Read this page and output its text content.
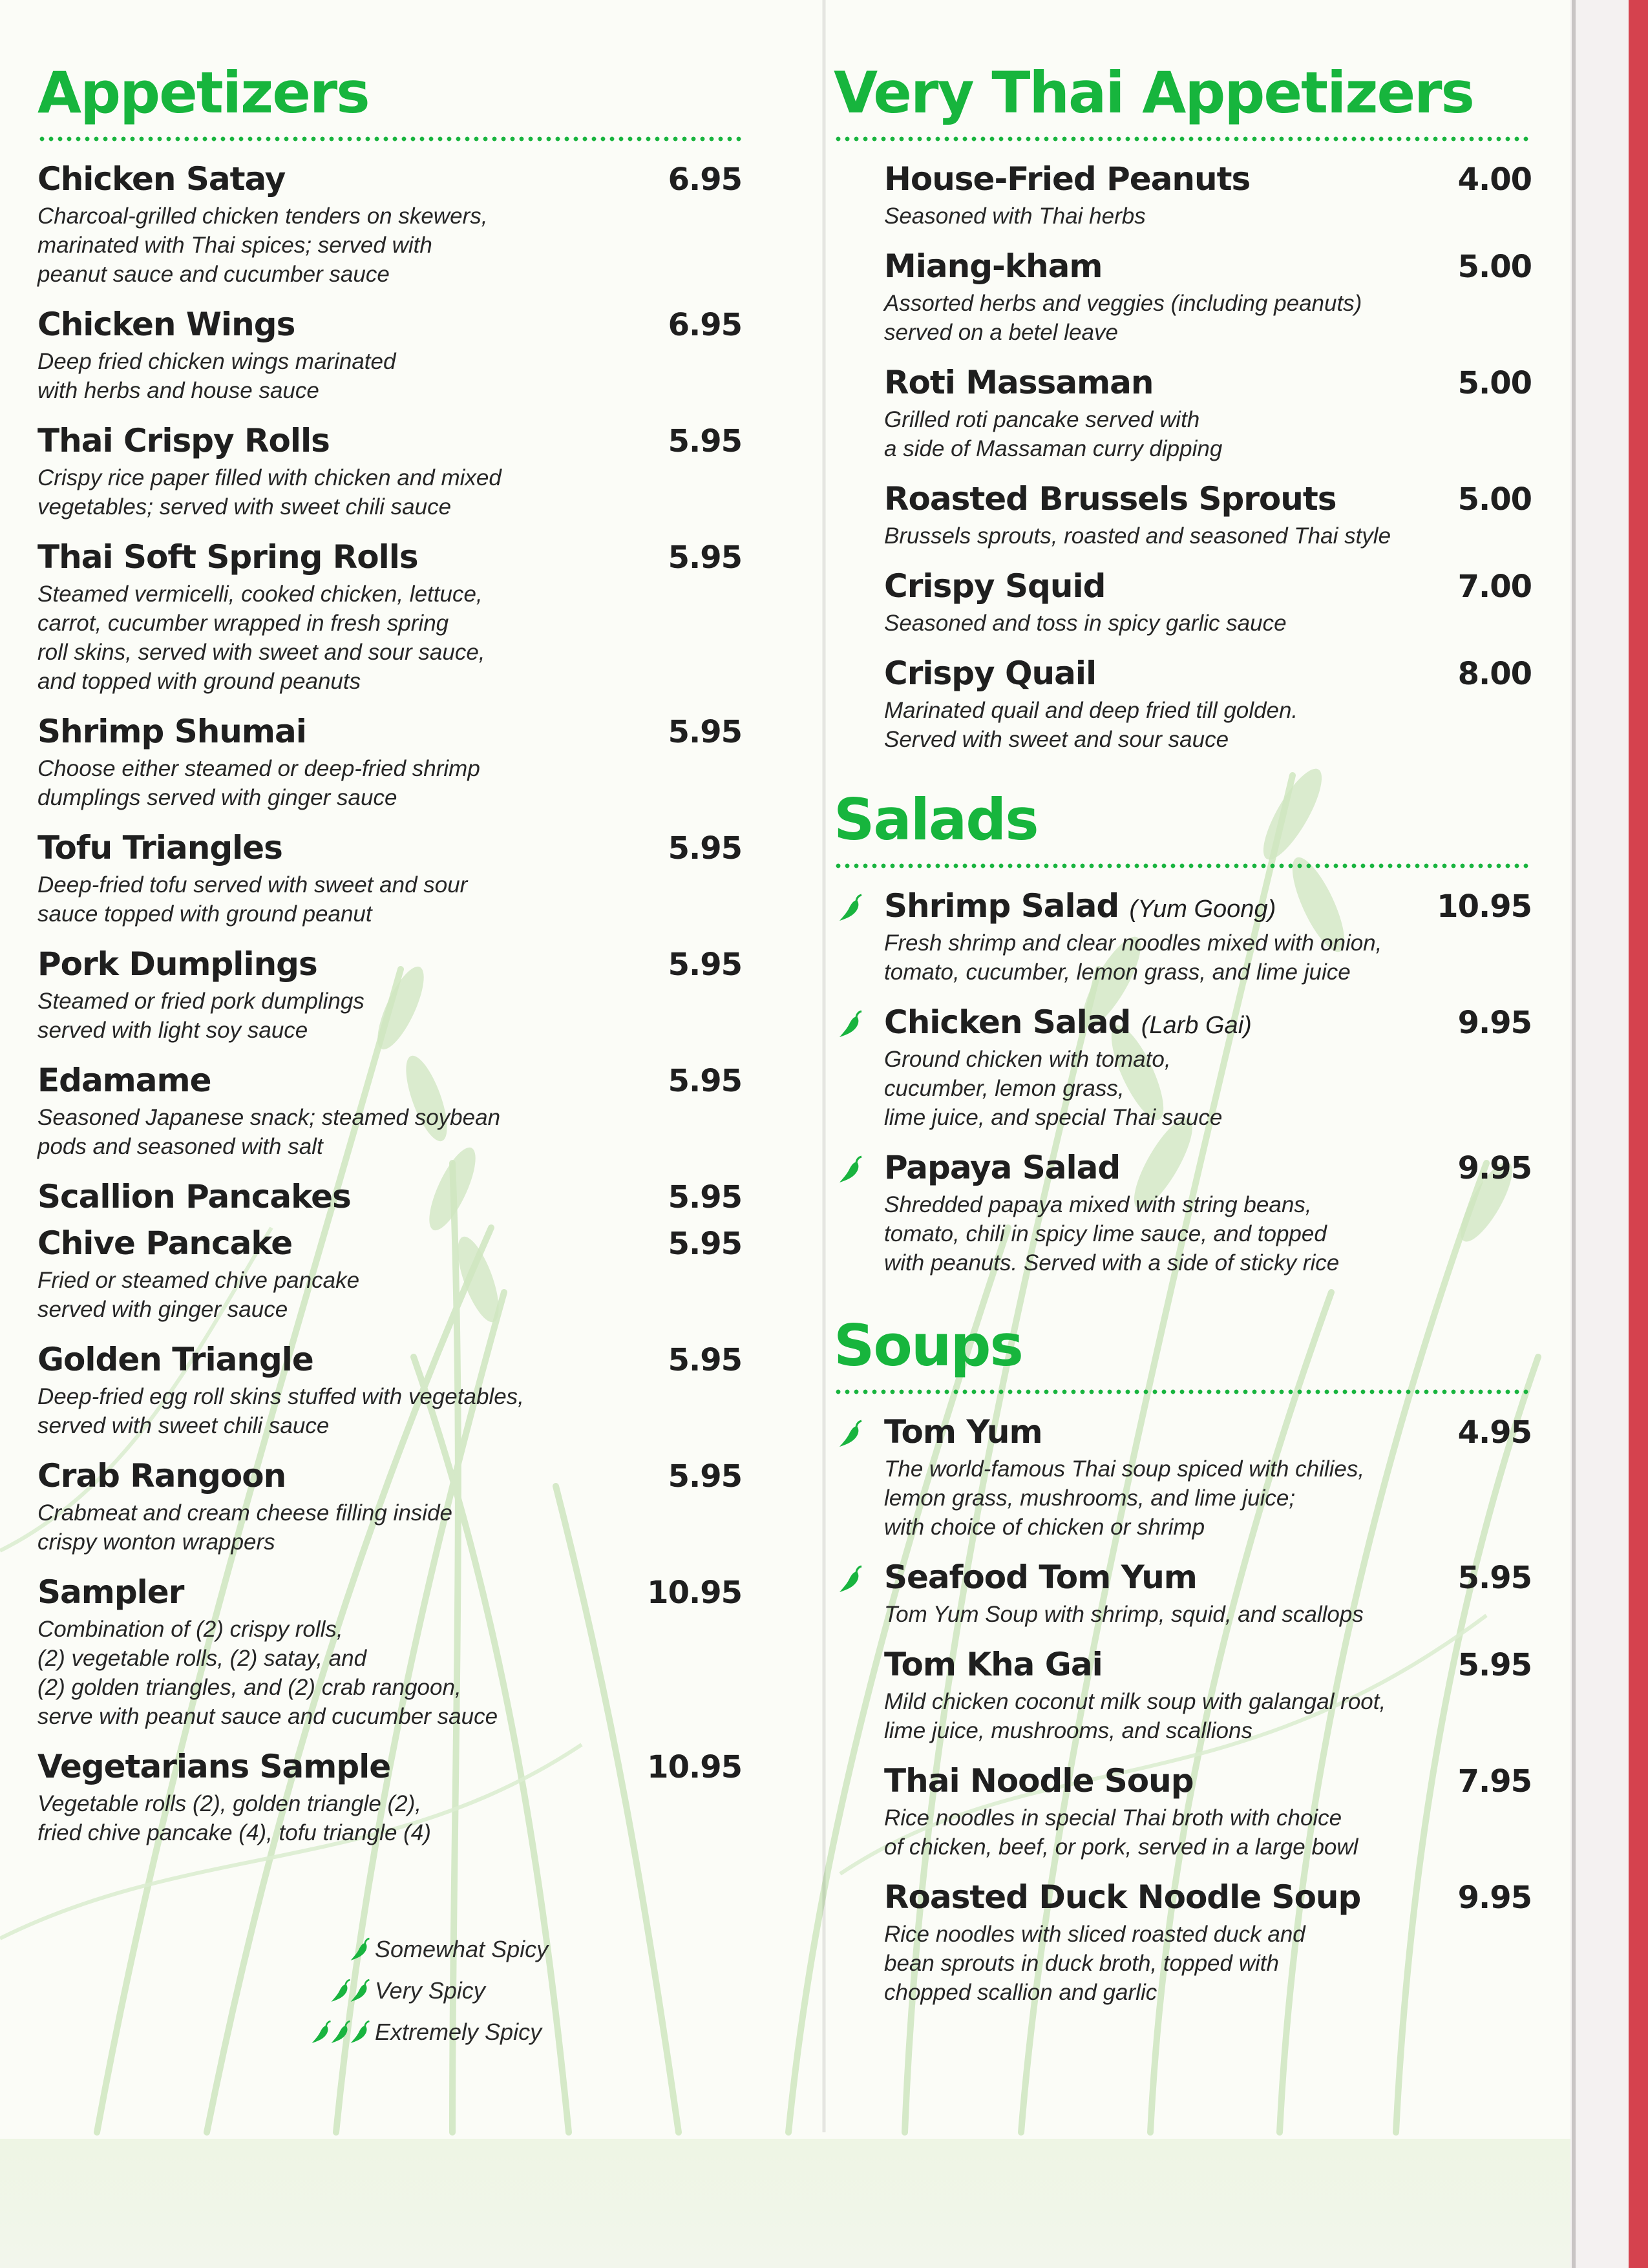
Appetizers
Chicken Satay	6.95
Charcoal-grilled chicken tenders on skewers,
marinated with Thai spices; served with
peanut sauce and cucumber sauce
Chicken Wings	6.95
Deep fried chicken wings marinated
with herbs and house sauce
Thai Crispy Rolls	5.95
Crispy rice paper filled with chicken and mixed
vegetables; served with sweet chili sauce
Thai Soft Spring Rolls	5.95
Steamed vermicelli, cooked chicken, lettuce,
carrot, cucumber wrapped in fresh spring
roll skins, served with sweet and sour sauce,
and topped with ground peanuts
Shrimp Shumai	5.95
Choose either steamed or deep-fried shrimp
dumplings served with ginger sauce
Tofu Triangles	5.95
Deep-fried tofu served with sweet and sour
sauce topped with ground peanut
Pork Dumplings	5.95
Steamed or fried pork dumplings
served with light soy sauce
Edamame	5.95
Seasoned Japanese snack; steamed soybean
pods and seasoned with salt
Scallion Pancakes	5.95
Chive Pancake	5.95
Fried or steamed chive pancake
served with ginger sauce
Golden Triangle	5.95
Deep-fried egg roll skins stuffed with vegetables,
served with sweet chili sauce
Crab Rangoon	5.95
Crabmeat and cream cheese filling inside
crispy wonton wrappers
Sampler	10.95
Combination of (2) crispy rolls,
(2) vegetable rolls, (2) satay, and
(2) golden triangles, and (2) crab rangoon,
serve with peanut sauce and cucumber sauce
Vegetarians Sample	10.95
Vegetable rolls (2), golden triangle (2),
fried chive pancake (4), tofu triangle (4)
Somewhat Spicy
Very Spicy
Extremely Spicy
Very Thai Appetizers
House-Fried Peanuts	4.00
Seasoned with Thai herbs
Miang-kham	5.00
Assorted herbs and veggies (including peanuts)
served on a betel leave
Roti Massaman	5.00
Grilled roti pancake served with
a side of Massaman curry dipping
Roasted Brussels Sprouts	5.00
Brussels sprouts, roasted and seasoned Thai style
Crispy Squid	7.00
Seasoned and toss in spicy garlic sauce
Crispy Quail	8.00
Marinated quail and deep fried till golden.
Served with sweet and sour sauce
Salads
Shrimp Salad (Yum Goong)	10.95
Fresh shrimp and clear noodles mixed with onion,
tomato, cucumber, lemon grass, and lime juice
Chicken Salad (Larb Gai)	9.95
Ground chicken with tomato,
cucumber, lemon grass,
lime juice, and special Thai sauce
Papaya Salad	9.95
Shredded papaya mixed with string beans,
tomato, chili in spicy lime sauce, and topped
with peanuts. Served with a side of sticky rice
Soups
Tom Yum	4.95
The world-famous Thai soup spiced with chilies,
lemon grass, mushrooms, and lime juice;
with choice of chicken or shrimp
Seafood Tom Yum	5.95
Tom Yum Soup with shrimp, squid, and scallops
Tom Kha Gai	5.95
Mild chicken coconut milk soup with galangal root,
lime juice, mushrooms, and scallions
Thai Noodle Soup	7.95
Rice noodles in special Thai broth with choice
of chicken, beef, or pork, served in a large bowl
Roasted Duck Noodle Soup	9.95
Rice noodles with sliced roasted duck and
bean sprouts in duck broth, topped with
chopped scallion and garlic
